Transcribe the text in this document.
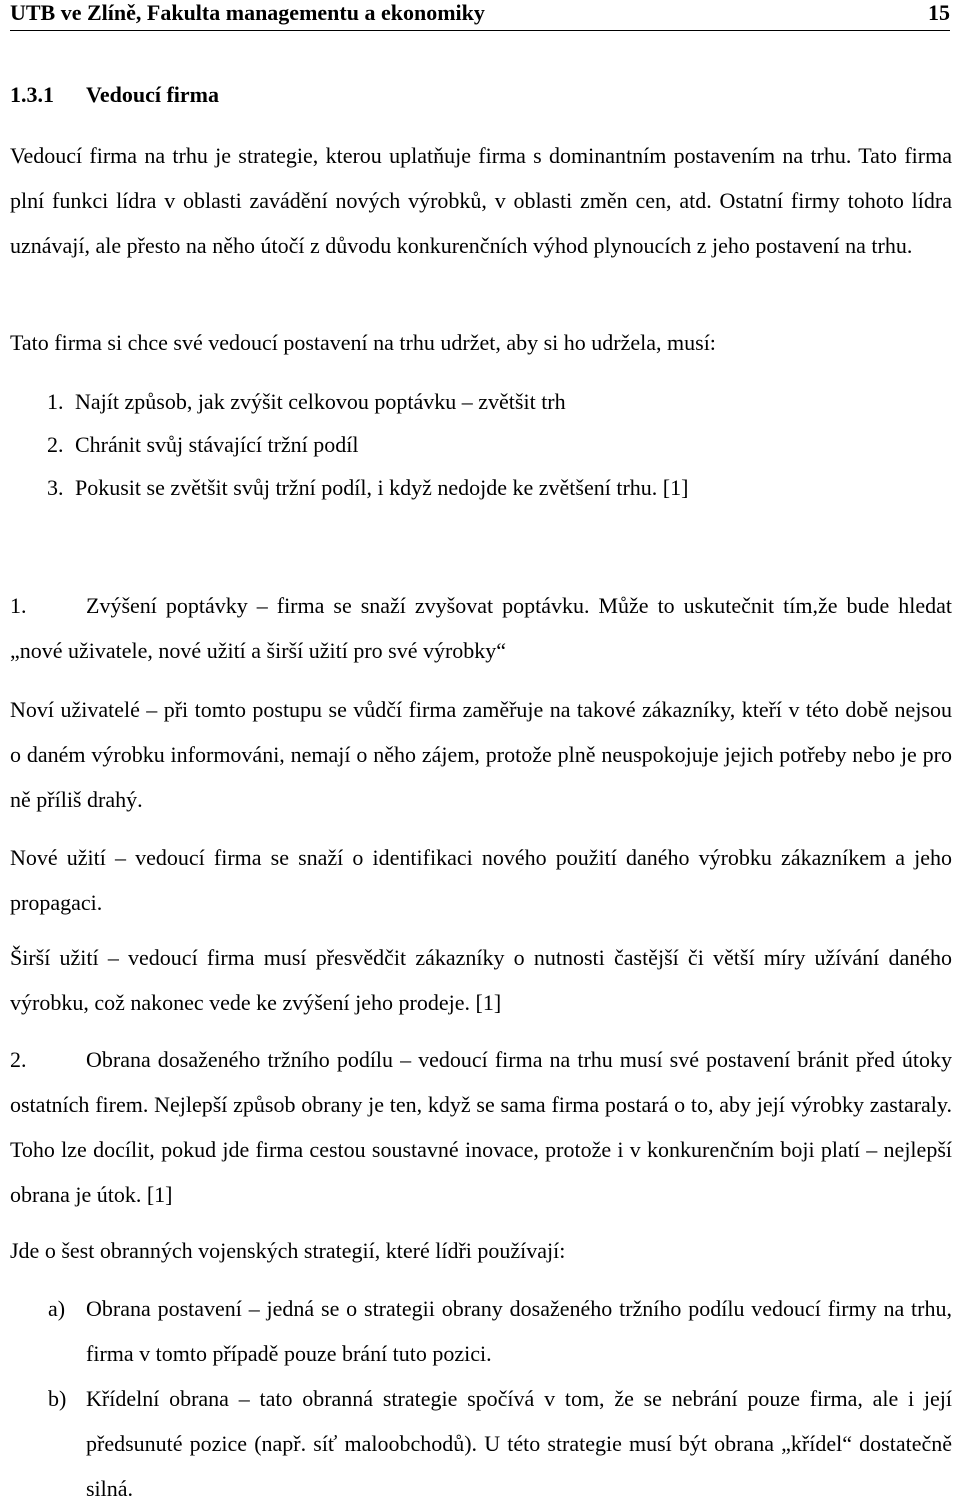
UTB ve Zlíně, Fakulta managementu a ekonomiky	15
1.3.1 Vedoucí firma

Vedoucí firma na trhu je strategie, kterou uplatňuje firma s dominantním postavením na trhu. Tato firma plní funkci lídra v oblasti zavádění nových výrobků, v oblasti změn cen, atd. Ostatní firmy tohoto lídra uznávají, ale přesto na něho útočí z důvodu konkurenčních výhod plynoucích z jeho postavení na trhu.

Tato firma si chce své vedoucí postavení na trhu udržet, aby si ho udržela, musí:

1. Najít způsob, jak zvýšit celkovou poptávku – zvětšit trh
2. Chránit svůj stávající tržní podíl
3. Pokusit se zvětšit svůj tržní podíl, i když nedojde ke zvětšení trhu. [1]
1.	Zvýšení poptávky – firma se snaží zvyšovat poptávku. Může to uskutečnit tím,že bude hledat „nové uživatele, nové užití a širší užití pro své výrobky“

Noví uživatelé – při tomto postupu se vůdčí firma zaměřuje na takové zákazníky, kteří v této době nejsou o daném výrobku informováni, nemají o něho zájem, protože plně neuspokojuje jejich potřeby nebo je pro ně příliš drahý.

Nové užití – vedoucí firma se snaží o identifikaci nového použití daného výrobku zákazníkem a jeho propagaci.

Širší užití – vedoucí firma musí přesvědčit zákazníky o nutnosti častější či větší míry užívání daného výrobku, což nakonec vede ke zvýšení jeho prodeje. [1]

2.	Obrana dosaženého tržního podílu – vedoucí firma na trhu musí své postavení bránit před útoky ostatních firem. Nejlepší způsob obrany je ten, když se sama firma postará o to, aby její výrobky zastaraly. Toho lze docílit, pokud jde firma cestou soustavné inovace, protože i v konkurenčním boji platí – nejlepší obrana je útok. [1]

Jde o šest obranných vojenských strategií, které lídři používají:

a) Obrana postavení – jedná se o strategii obrany dosaženého tržního podílu vedoucí firmy na trhu, firma v tomto případě pouze brání tuto pozici.
b) Křídelní obrana – tato obranná strategie spočívá v tom, že se nebrání pouze firma, ale i její předsunuté pozice (např. síť maloobchodů). U této strategie musí být obrana „křídel“ dostatečně silná.
